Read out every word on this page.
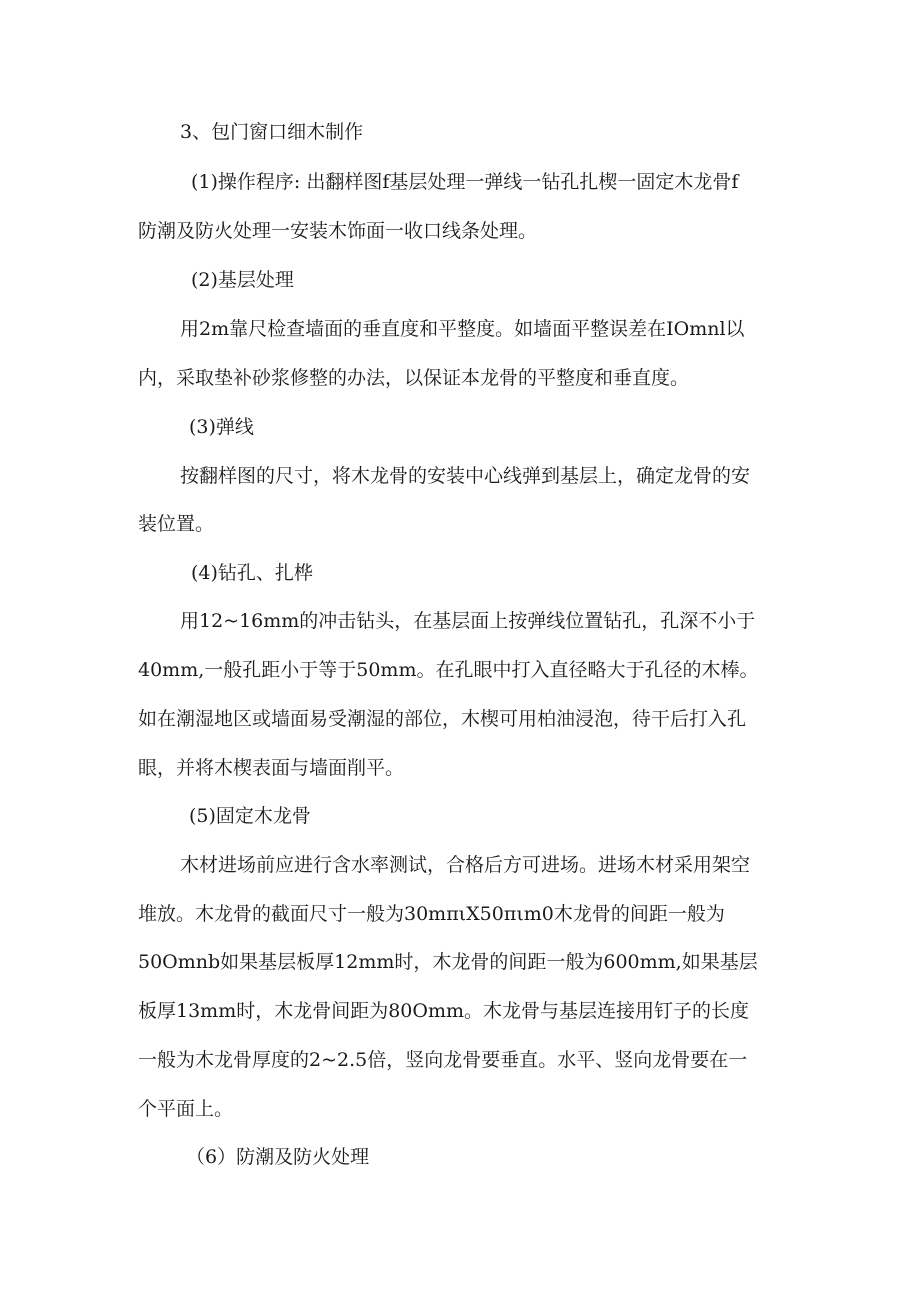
3、包门窗口细木制作
(1)操作程序: 出翻样图f基层处理一弹线一钻孔扎楔一固定木龙骨f
防潮及防火处理一安装木饰面一收口线条处理。
(2)基层处理
用2m靠尺检查墙面的垂直度和平整度。如墙面平整误差在IOmnl以
内，采取垫补砂浆修整的办法，以保证本龙骨的平整度和垂直度。
(3)弹线
按翻样图的尺寸，将木龙骨的安装中心线弹到基层上，确定龙骨的安
装位置。
(4)钻孔、扎桦
用12~16mm的冲击钻头，在基层面上按弹线位置钻孔，孔深不小于
40mm,一般孔距小于等于50mm。在孔眼中打入直径略大于孔径的木棒。
如在潮湿地区或墙面易受潮湿的部位，木楔可用柏油浸泡，待干后打入孔
眼，并将木楔表面与墙面削平。
(5)固定木龙骨
木材进场前应进行含水率测试，合格后方可进场。进场木材采用架空
堆放。木龙骨的截面尺寸一般为30mπιX50πιm0木龙骨的间距一般为
50Omnb如果基层板厚12mm时，木龙骨的间距一般为600mm,如果基层
板厚13mm时，木龙骨间距为80Omm。木龙骨与基层连接用钉子的长度
一般为木龙骨厚度的2~2.5倍，竖向龙骨要垂直。水平、竖向龙骨要在一
个平面上。
（6）防潮及防火处理
